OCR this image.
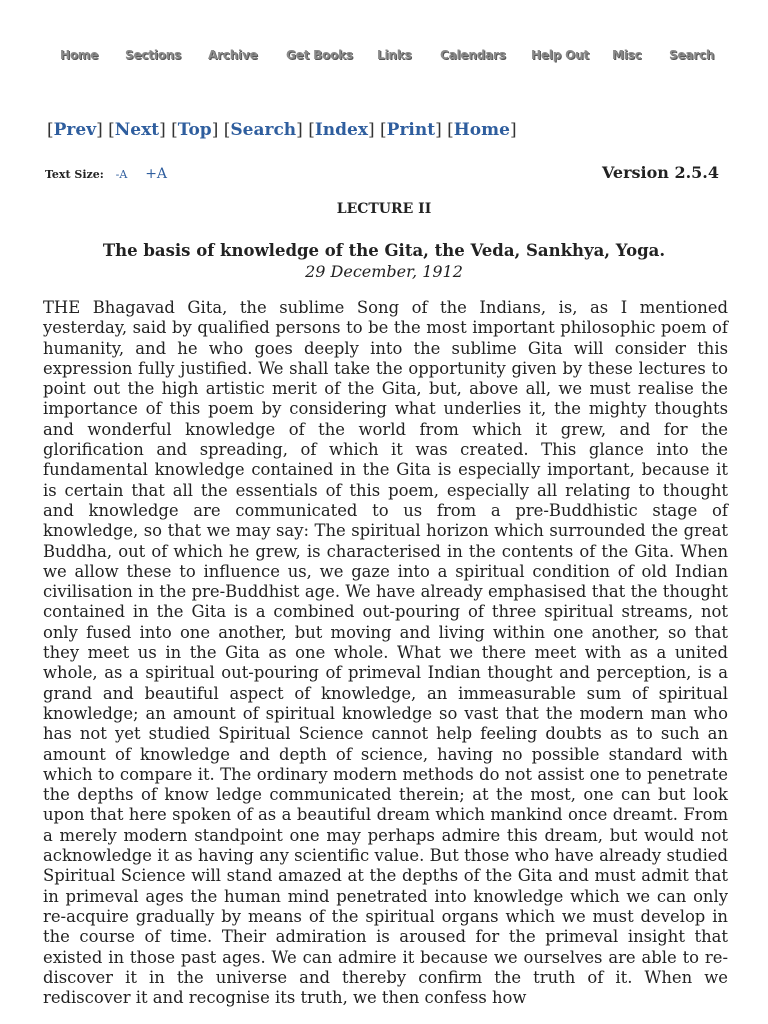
Home Sections Archive Get Books Links Calendars Help Out Misc Search
[Prev] [Next] [Top] [Search] [Index] [Print] [Home]
Text Size: -A +A	Version 2.5.4
LECTURE II
The basis of knowledge of the Gita, the Veda, Sankhya, Yoga.
29 December, 1912

THE Bhagavad Gita, the sublime Song of the Indians, is, as I mentioned yesterday, said by qualified persons to be the most important philosophic poem of humanity, and he who goes deeply into the sublime Gita will consider this expression fully justified. We shall take the opportunity given by these lectures to point out the high artistic merit of the Gita, but, above all, we must realise the importance of this poem by considering what underlies it, the mighty thoughts and wonderful knowledge of the world from which it grew, and for the glorification and spreading, of which it was created. This glance into the fundamental knowledge contained in the Gita is especially important, because it is certain that all the essentials of this poem, especially all relating to thought and knowledge are communicated to us from a pre-Buddhistic stage of knowledge, so that we may say: The spiritual horizon which surrounded the great Buddha, out of which he grew, is characterised in the contents of the Gita. When we allow these to influence us, we gaze into a spiritual condition of old Indian civilisation in the pre-Buddhist age. We have already emphasised that the thought contained in the Gita is a combined out-pouring of three spiritual streams, not only fused into one another, but moving and living within one another, so that they meet us in the Gita as one whole. What we there meet with as a united whole, as a spiritual out-pouring of primeval Indian thought and perception, is a grand and beautiful aspect of knowledge, an immeasurable sum of spiritual knowledge; an amount of spiritual knowledge so vast that the modern man who has not yet studied Spiritual Science cannot help feeling doubts as to such an amount of knowledge and depth of science, having no possible standard with which to compare it. The ordinary modern methods do not assist one to penetrate the depths of know ledge communicated therein; at the most, one can but look upon that here spoken of as a beautiful dream which mankind once dreamt. From a merely modern standpoint one may perhaps admire this dream, but would not acknowledge it as having any scientific value. But those who have already studied Spiritual Science will stand amazed at the depths of the Gita and must admit that in primeval ages the human mind penetrated into knowledge which we can only re-acquire gradually by means of the spiritual organs which we must develop in the course of time. Their admiration is aroused for the primeval insight that existed in those past ages. We can admire it because we ourselves are able to re-discover it in the universe and thereby confirm the truth of it. When we rediscover it and recognise its truth, we then confess how
